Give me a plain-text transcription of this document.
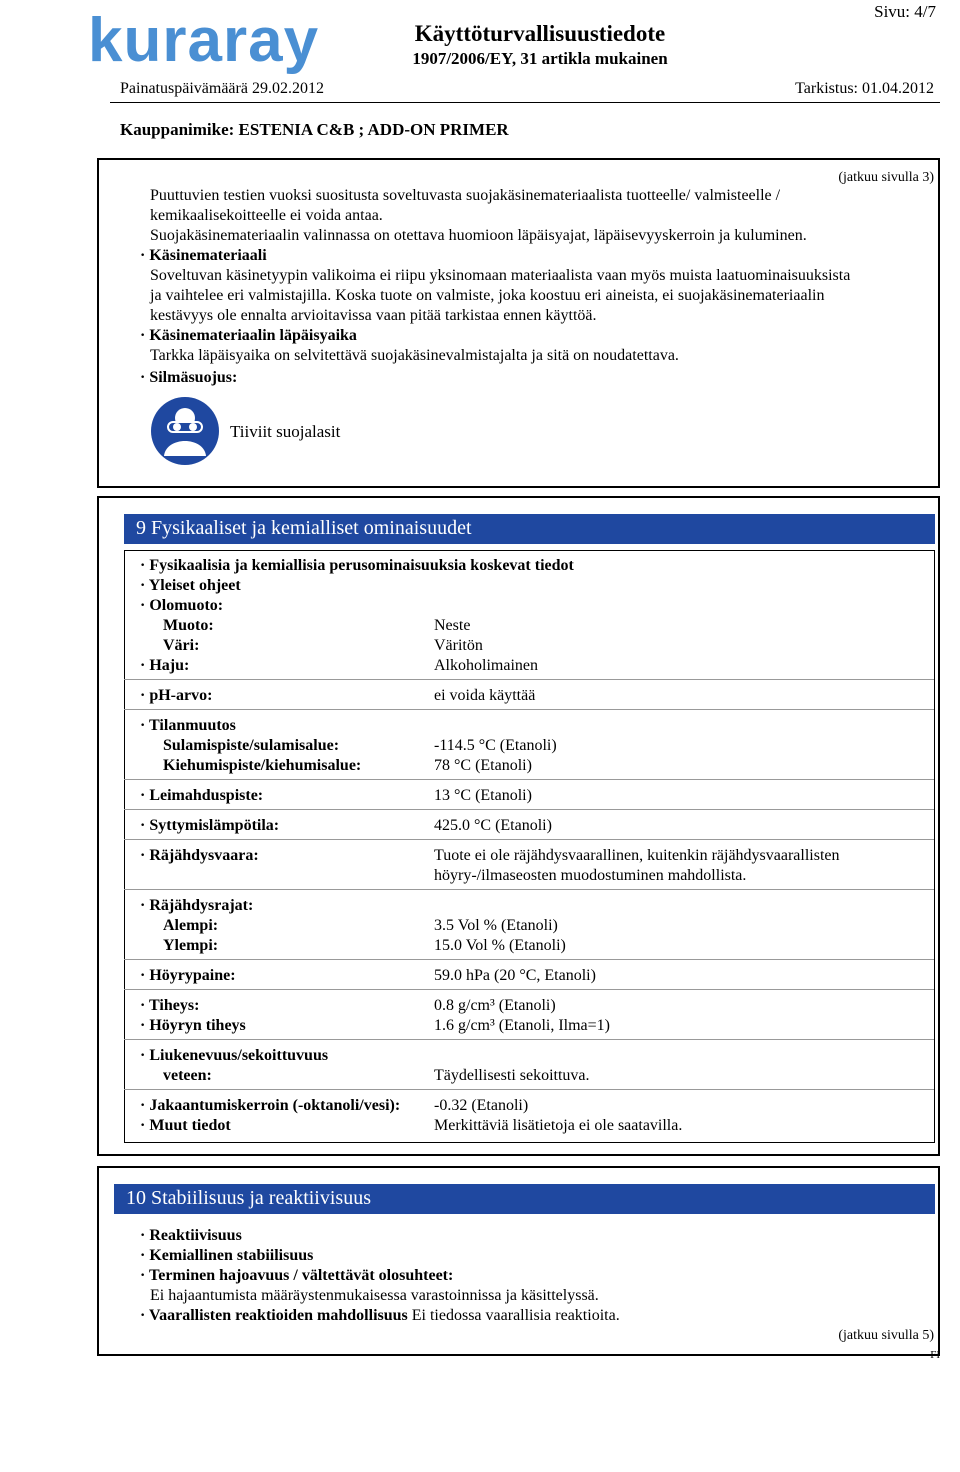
kuraray	Käyttöturvallisuustiedote
1907/2006/EY, 31 artikla mukainen
Sivu: 4/7
Painatuspäivämäärä 29.02.2012	Tarkistus: 01.04.2012
Kauppanimike: ESTENIA C&B ; ADD-ON PRIMER
(jatkuu sivulla 3)
Puuttuvien testien vuoksi suositusta soveltuvasta suojakäsinemateriaalista tuotteelle/ valmisteelle /
kemikaalisekoitteelle ei voida antaa.
Suojakäsinemateriaalin valinnassa on otettava huomioon läpäisyajat, läpäisevyyskerroin ja kuluminen.
· Käsinemateriaali
Soveltuvan käsinetyypin valikoima ei riipu yksinomaan materiaalista vaan myös muista laatuominaisuuksista
ja vaihtelee eri valmistajilla. Koska tuote on valmiste, joka koostuu eri aineista, ei suojakäsinemateriaalin
kestävyys ole ennalta arvioitavissa vaan pitää tarkistaa ennen käyttöä.
· Käsinemateriaalin läpäisyaika
Tarkka läpäisyaika on selvitettävä suojakäsinevalmistajalta ja sitä on noudatettava.
· Silmäsuojus:
Tiiviit suojalasit
9 Fysikaaliset ja kemialliset ominaisuudet
· Fysikaalisia ja kemiallisia perusominaisuuksia koskevat tiedot
· Yleiset ohjeet
· Olomuoto:
Muoto:	Neste
Väri:	Väritön
· Haju:	Alkoholimainen
· pH-arvo:	ei voida käyttää
· Tilanmuutos
Sulamispiste/sulamisalue:	-114.5 °C (Etanoli)
Kiehumispiste/kiehumisalue:	78 °C (Etanoli)
· Leimahduspiste:	13 °C (Etanoli)
· Syttymislämpötila:	425.0 °C (Etanoli)
· Räjähdysvaara:	Tuote ei ole räjähdysvaarallinen, kuitenkin räjähdysvaarallisten
höyry-/ilmaseosten muodostuminen mahdollista.
· Räjähdysrajat:
Alempi:	3.5 Vol % (Etanoli)
Ylempi:	15.0 Vol % (Etanoli)
· Höyrypaine:	59.0 hPa (20 °C, Etanoli)
· Tiheys:	0.8 g/cm³ (Etanoli)
· Höyryn tiheys	1.6 g/cm³ (Etanoli, Ilma=1)
· Liukenevuus/sekoittuvuus
veteen:	Täydellisesti sekoittuva.
· Jakaantumiskerroin (-oktanoli/vesi): -0.32 (Etanoli)
· Muut tiedot	Merkittäviä lisätietoja ei ole saatavilla.
10 Stabiilisuus ja reaktiivisuus
· Reaktiivisuus
· Kemiallinen stabiilisuus
· Terminen hajoavuus / vältettävät olosuhteet:
Ei hajaantumista määräystenmukaisessa varastoinnissa ja käsittelyssä.
· Vaarallisten reaktioiden mahdollisuus Ei tiedossa vaarallisia reaktioita.
(jatkuu sivulla 5)
FI
